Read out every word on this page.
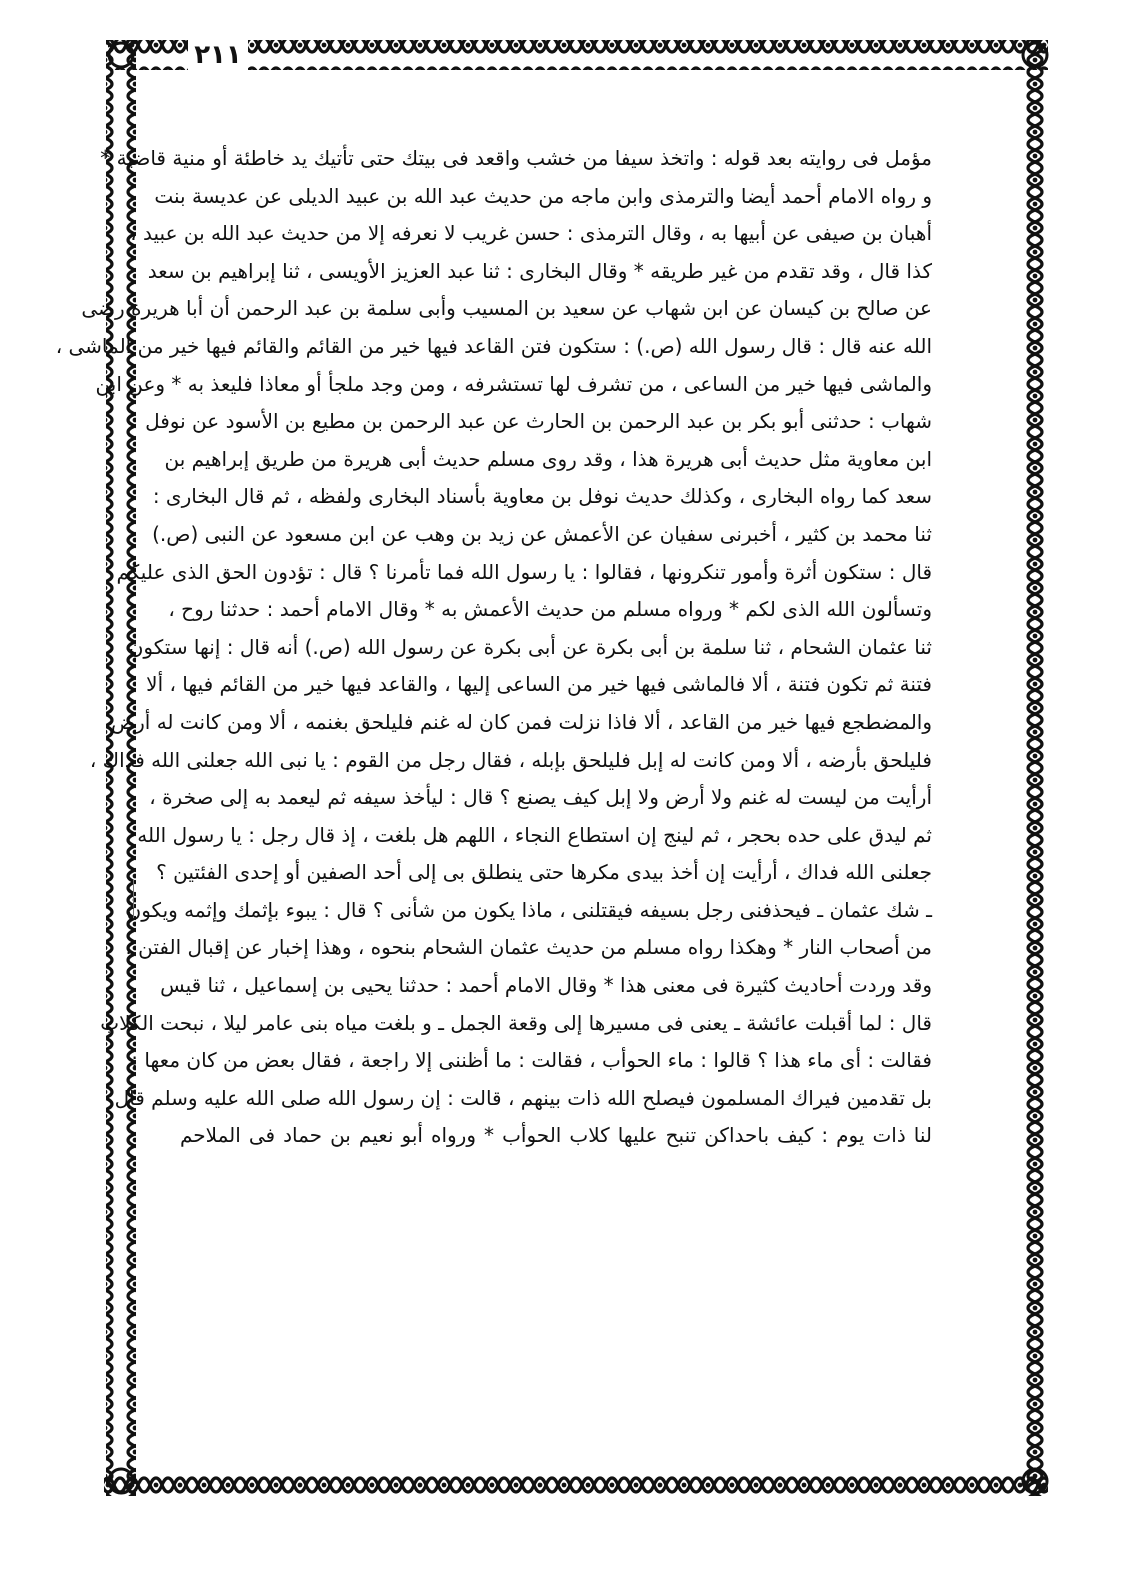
٢١١
مؤمل فى روايته بعد قوله : واتخذ سيفا من خشب واقعد فى بيتك حتى تأتيك يد خاطئة أو منية قاضية *
و رواه الامام أحمد أيضا والترمذى وابن ماجه من حديث عبد الله بن عبيد الديلى عن عديسة بنت
أهبان بن صيفى عن أبيها به ، وقال الترمذى : حسن غريب لا نعرفه إلا من حديث عبد الله بن عبيد ،
كذا قال ، وقد تقدم من غير طريقه * وقال البخارى : ثنا عبد العزيز الأويسى ، ثنا إبراهيم بن سعد
عن صالح بن كيسان عن ابن شهاب عن سعيد بن المسيب وأبى سلمة بن عبد الرحمن أن أبا هريرة رضى
الله عنه قال : قال رسول الله (ص.) : ستكون فتن القاعد فيها خير من القائم والقائم فيها خير من الماشى ،
والماشى فيها خير من الساعى ، من تشرف لها تستشرفه ، ومن وجد ملجأ أو معاذا فليعذ به * وعن ابن
شهاب : حدثنى أبو بكر بن عبد الرحمن بن الحارث عن عبد الرحمن بن مطيع بن الأسود عن نوفل
ابن معاوية مثل حديث أبى هريرة هذا ، وقد روى مسلم حديث أبى هريرة من طريق إبراهيم بن
سعد كما رواه البخارى ، وكذلك حديث نوفل بن معاوية بأسناد البخارى ولفظه ، ثم قال البخارى :
ثنا محمد بن كثير ، أخبرنى سفيان عن الأعمش عن زيد بن وهب عن ابن مسعود عن النبى (ص.)
قال : ستكون أثرة وأمور تنكرونها ، فقالوا : يا رسول الله فما تأمرنا ؟ قال : تؤدون الحق الذى عليكم
وتسألون الله الذى لكم * ورواه مسلم من حديث الأعمش به * وقال الامام أحمد : حدثنا روح ،
ثنا عثمان الشحام ، ثنا سلمة بن أبى بكرة عن أبى بكرة عن رسول الله (ص.) أنه قال : إنها ستكون
فتنة ثم تكون فتنة ، ألا فالماشى فيها خير من الساعى إليها ، والقاعد فيها خير من القائم فيها ، ألا
والمضطجع فيها خير من القاعد ، ألا فاذا نزلت فمن كان له غنم فليلحق بغنمه ، ألا ومن كانت له أرض
فليلحق بأرضه ، ألا ومن كانت له إبل فليلحق بإبله ، فقال رجل من القوم : يا نبى الله جعلنى الله فداك ،
أرأيت من ليست له غنم ولا أرض ولا إبل كيف يصنع ؟ قال : ليأخذ سيفه ثم ليعمد به إلى صخرة ،
ثم ليدق على حده بحجر ، ثم لينج إن استطاع النجاء ، اللهم هل بلغت ، إذ قال رجل : يا رسول الله
جعلنى الله فداك ، أرأيت إن أخذ بيدى مكرها حتى ينطلق بى إلى أحد الصفين أو إحدى الفئتين ؟
ـ شك عثمان ـ فيحذفنى رجل بسيفه فيقتلنى ، ماذا يكون من شأنى ؟ قال : يبوء بإثمك وإثمه ويكون
من أصحاب النار * وهكذا رواه مسلم من حديث عثمان الشحام بنحوه ، وهذا إخبار عن إقبال الفتن ،
وقد وردت أحاديث كثيرة فى معنى هذا * وقال الامام أحمد : حدثنا يحيى بن إسماعيل ، ثنا قيس
قال : لما أقبلت عائشة ـ يعنى فى مسيرها إلى وقعة الجمل ـ و بلغت مياه بنى عامر ليلا ، نبحت الكلاب
فقالت : أى ماء هذا ؟ قالوا : ماء الحوأب ، فقالت : ما أظننى إلا راجعة ، فقال بعض من كان معها :
بل تقدمين فيراك المسلمون فيصلح الله ذات بينهم ، قالت : إن رسول الله صلى الله عليه وسلم قال
لنا ذات يوم : كيف باحداكن تنبح عليها كلاب الحوأب * ورواه أبو نعيم بن حماد فى الملاحم
